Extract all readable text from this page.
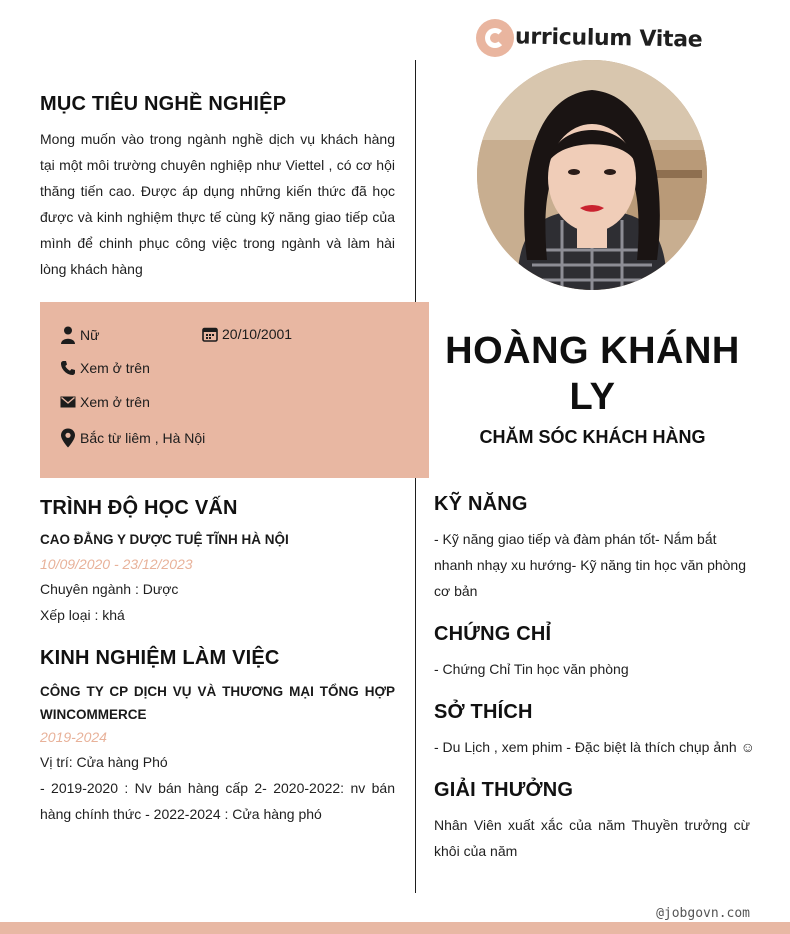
urriculum Vitae
MỤC TIÊU NGHỀ NGHIỆP
Mong muốn vào trong ngành nghề dịch vụ khách hàng tại một môi trường chuyên nghiệp như Viettel , có cơ hội thăng tiến cao. Được áp dụng những kiến thức đã học được và kinh nghiệm thực tế cùng kỹ năng giao tiếp của mình để chinh phục công việc trong ngành và làm hài lòng khách hàng
Nữ	20/10/2001
Xem ở trên
Xem ở trên
Bắc từ liêm , Hà Nội
HOÀNG KHÁNH LY
CHĂM SÓC KHÁCH HÀNG
TRÌNH ĐỘ HỌC VẤN
CAO ĐẲNG Y DƯỢC TUỆ TĨNH HÀ NỘI
10/09/2020 - 23/12/2023
Chuyên ngành : Dược
Xếp loại : khá
KINH NGHIỆM LÀM VIỆC
CÔNG TY CP DỊCH VỤ VÀ THƯƠNG MẠI TỔNG HỢP WINCOMMERCE
2019-2024
Vị trí: Cửa hàng Phó
- 2019-2020 : Nv bán hàng cấp 2- 2020-2022: nv bán hàng chính thức - 2022-2024 : Cửa hàng phó
KỸ NĂNG
- Kỹ năng giao tiếp và đàm phán tốt- Nắm bắt nhanh nhạy xu hướng- Kỹ năng tin học văn phòng cơ bản
CHỨNG CHỈ
- Chứng Chỉ Tin học văn phòng
SỞ THÍCH
- Du Lịch , xem phim - Đặc biệt là thích chụp ảnh ☺
GIẢI THƯỞNG
Nhân Viên xuất xắc của năm Thuyền trưởng cừ khôi của năm
@jobgovn.com
